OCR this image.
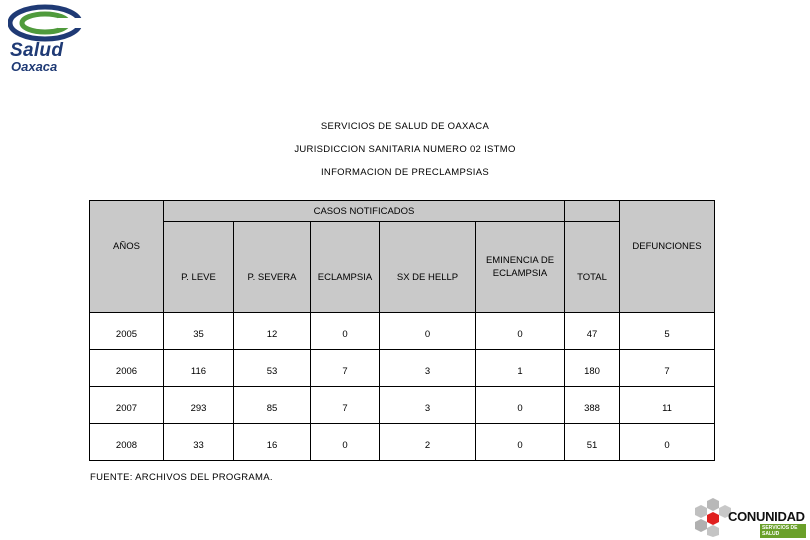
Salud
Oaxaca
SERVICIOS DE SALUD DE OAXACA
JURISDICCION SANITARIA NUMERO 02 ISTMO
INFORMACION DE PRECLAMPSIAS
AÑOS	CASOS NOTIFICADOS						DEFUNCIONES
	P. LEVE	P. SEVERA	ECLAMPSIA	SX DE HELLP	EMINENCIA DE ECLAMPSIA	TOTAL	
2005	35	12	0	0	0	47	5
2006	116	53	7	3	1	180	7
2007	293	85	7	3	0	388	11
2008	33	16	0	2	0	51	0
FUENTE: ARCHIVOS DEL PROGRAMA.
CONUNIDAD
SERVICIOS DE SALUD
